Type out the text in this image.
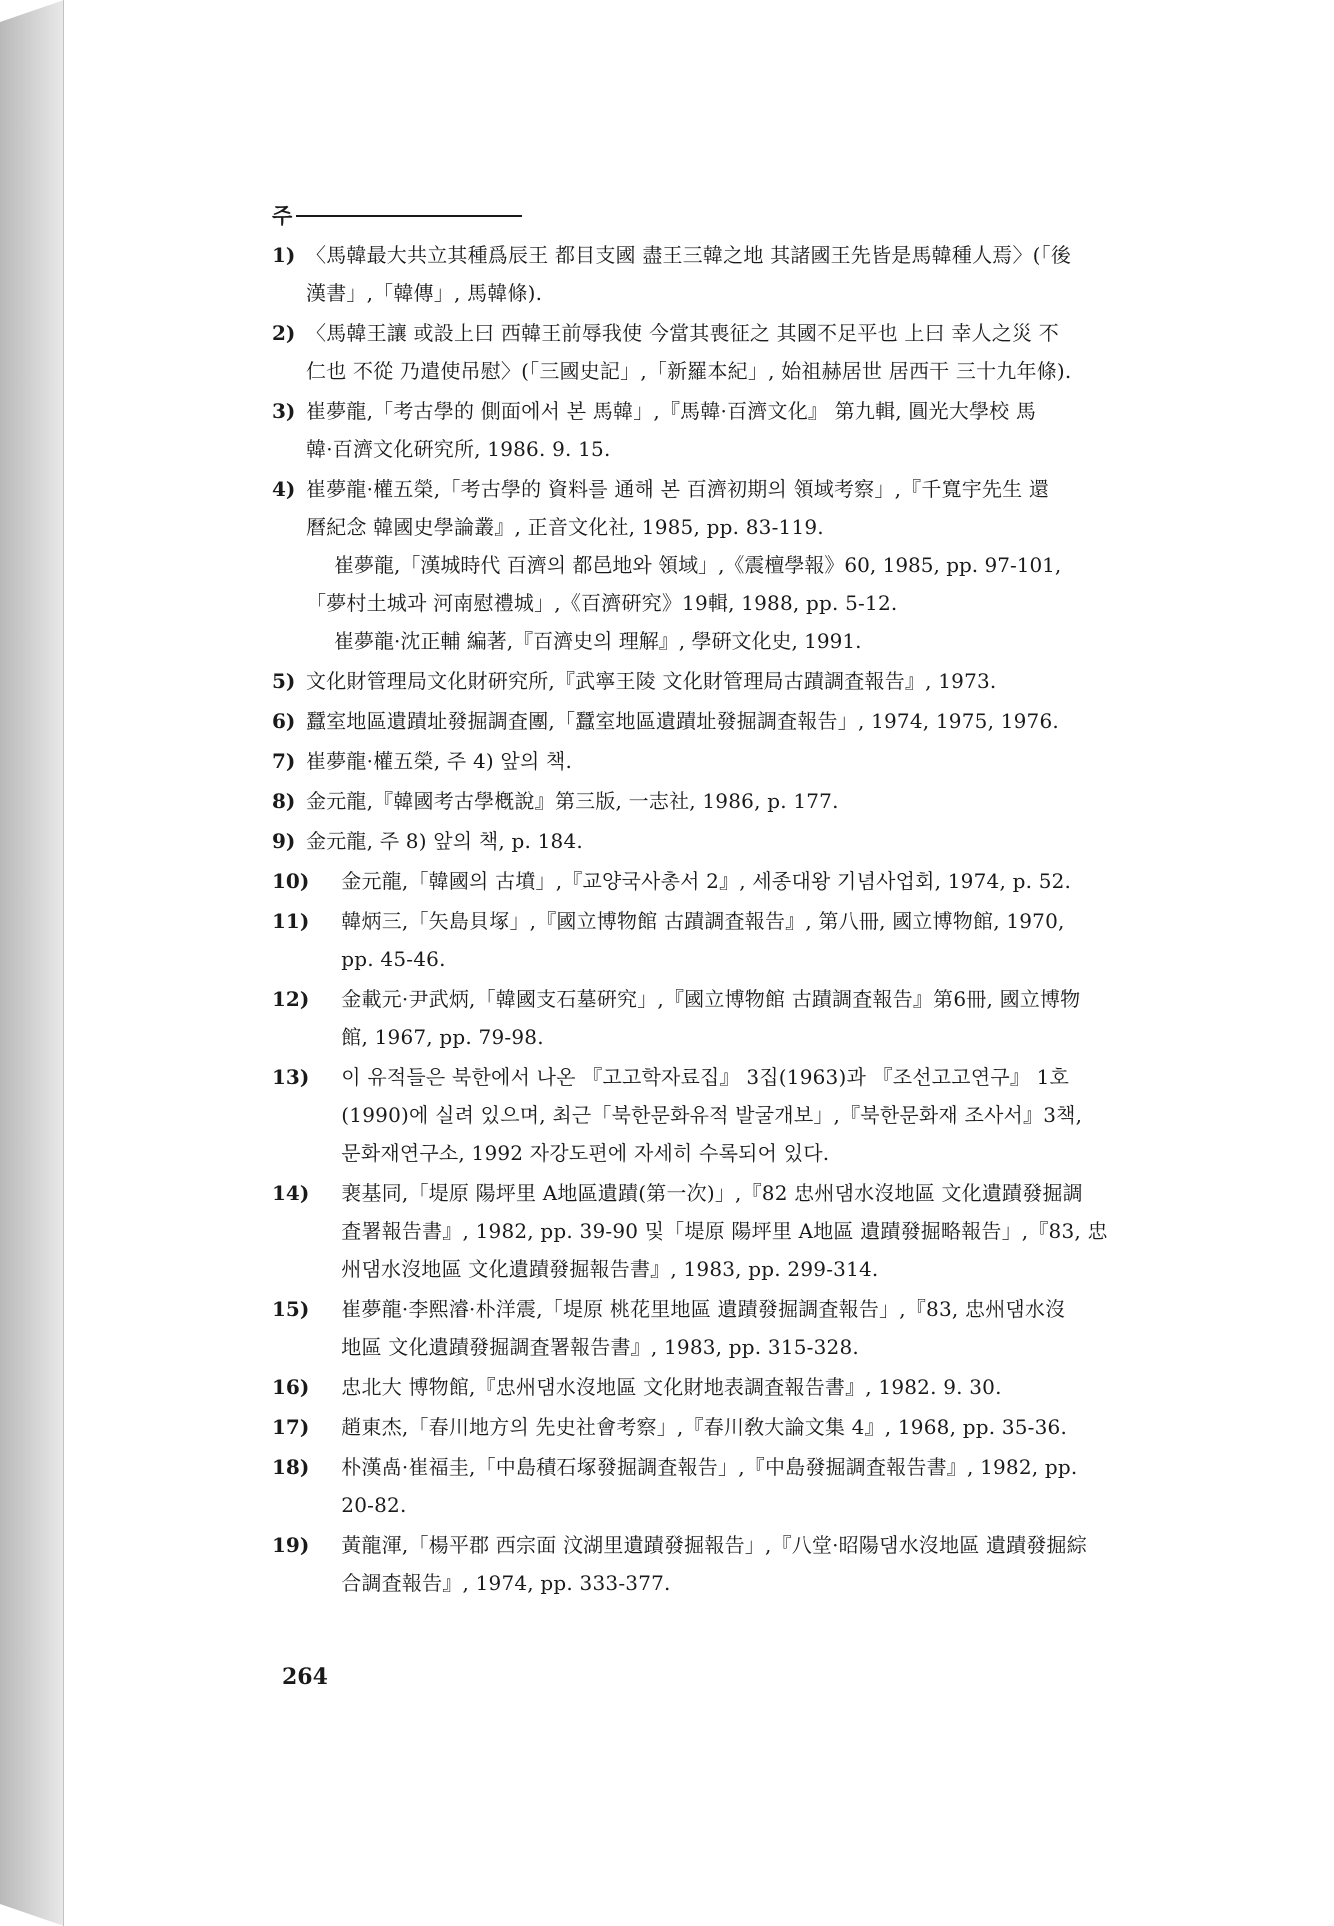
주
1) 〈馬韓最大共立其種爲辰王 都目支國 盡王三韓之地 其諸國王先皆是馬韓種人焉〉(「後
漢書」,「韓傳」, 馬韓條).
2) 〈馬韓王讓 或設上曰 西韓王前辱我使 今當其喪征之 其國不足平也 上曰 幸人之災 不
仁也 不從 乃遣使吊慰〉(「三國史記」,「新羅本紀」, 始祖赫居世 居西干 三十九年條).
3) 崔夢龍,「考古學的 側面에서 본 馬韓」,『馬韓·百濟文化』 第九輯, 圓光大學校 馬
韓·百濟文化硏究所, 1986. 9. 15.
4) 崔夢龍·權五榮,「考古學的 資料를 通해 본 百濟初期의 領域考察」,『千寬宇先生 還
曆紀念 韓國史學論叢』, 正音文化社, 1985, pp. 83-119.
崔夢龍,「漢城時代 百濟의 都邑地와 領域」,《震檀學報》60, 1985, pp. 97-101,
「夢村土城과 河南慰禮城」,《百濟硏究》19輯, 1988, pp. 5-12.
崔夢龍·沈正輔 編著,『百濟史의 理解』, 學硏文化史, 1991.
5) 文化財管理局文化財硏究所,『武寧王陵 文化財管理局古蹟調査報告』, 1973.
6) 蠶室地區遺蹟址發掘調査團,「蠶室地區遺蹟址發掘調査報告」, 1974, 1975, 1976.
7) 崔夢龍·權五榮, 주 4) 앞의 책.
8) 金元龍,『韓國考古學槪說』第三版, 一志社, 1986, p. 177.
9) 金元龍, 주 8) 앞의 책, p. 184.
10) 金元龍,「韓國의 古墳」,『교양국사총서 2』, 세종대왕 기념사업회, 1974, p. 52.
11) 韓炳三,「矢島貝塚」,『國立博物館 古蹟調査報告』, 第八冊, 國立博物館, 1970,
pp. 45-46.
12) 金載元·尹武炳,「韓國支石墓硏究」,『國立博物館 古蹟調査報告』第6冊, 國立博物
館, 1967, pp. 79-98.
13) 이 유적들은 북한에서 나온 『고고학자료집』 3집(1963)과 『조선고고연구』 1호
(1990)에 실려 있으며, 최근「북한문화유적 발굴개보」,『북한문화재 조사서』3책,
문화재연구소, 1992 자강도편에 자세히 수록되어 있다.
14) 裵基同,「堤原 陽坪里 A地區遺蹟(第一次)」,『82 忠州댐水沒地區 文化遺蹟發掘調
査署報告書』, 1982, pp. 39-90 및「堤原 陽坪里 A地區 遺蹟發掘略報告」,『83, 忠
州댐水沒地區 文化遺蹟發掘報告書』, 1983, pp. 299-314.
15) 崔夢龍·李熙濬·朴洋震,「堤原 桃花里地區 遺蹟發掘調査報告」,『83, 忠州댐水沒
地區 文化遺蹟發掘調査署報告書』, 1983, pp. 315-328.
16) 忠北大 博物館,『忠州댐水沒地區 文化財地表調査報告書』, 1982. 9. 30.
17) 趙東杰,「春川地方의 先史社會考察」,『春川敎大論文集 4』, 1968, pp. 35-36.
18) 朴漢卨·崔福圭,「中島積石塚發掘調査報告」,『中島發掘調査報告書』, 1982, pp.
20-82.
19) 黃龍渾,「楊平郡 西宗面 汶湖里遺蹟發掘報告」,『八堂·昭陽댐水沒地區 遺蹟發掘綜
合調査報告』, 1974, pp. 333-377.
264
